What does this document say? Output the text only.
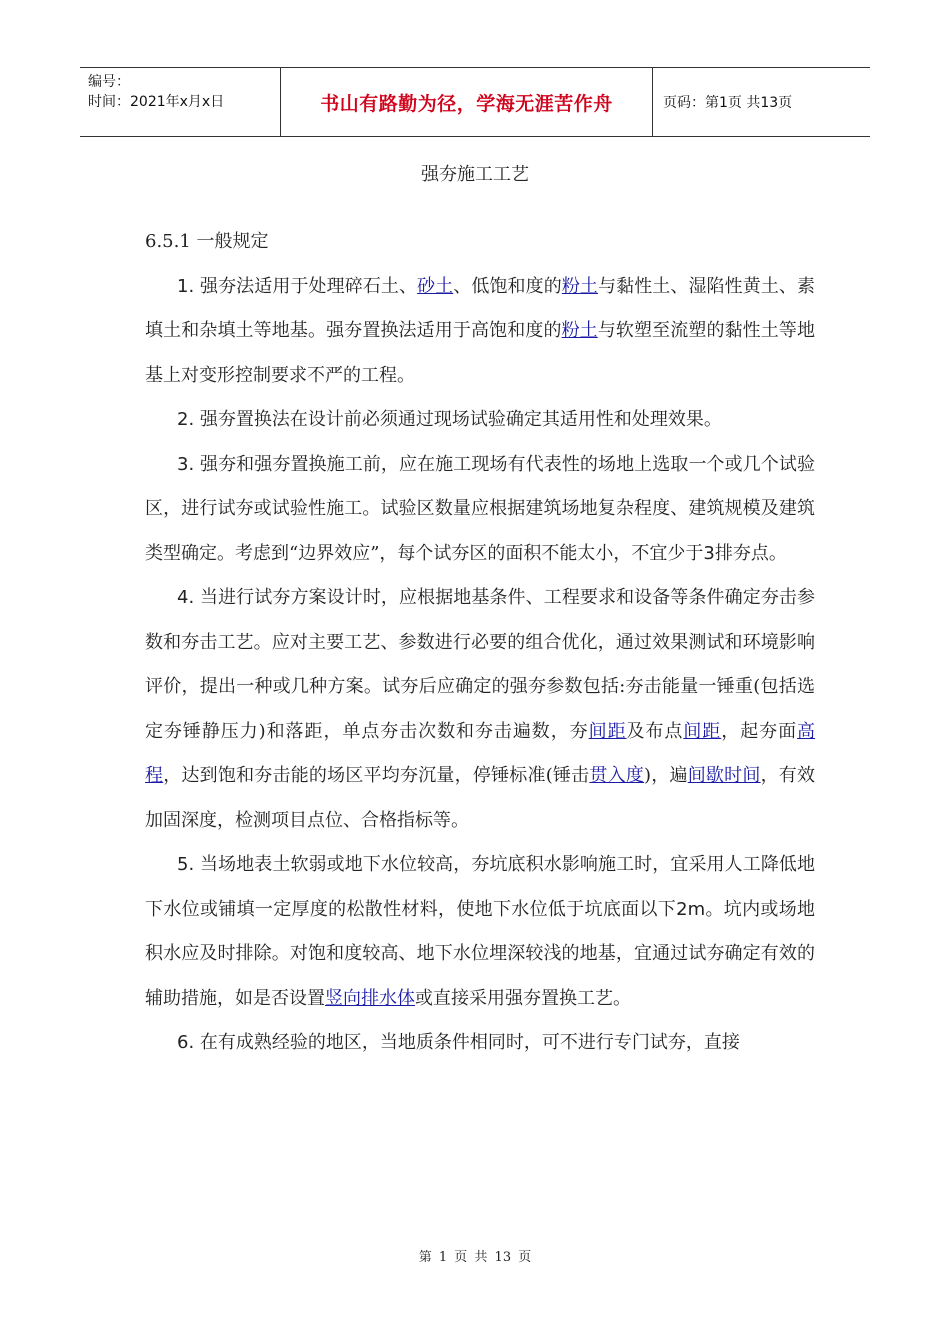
编号：
时间：2021年x月x日	书山有路勤为径，学海无涯苦作舟	页码：第1页 共13页
强夯施工工艺

6.5.1 一般规定

1. 强夯法适用于处理碎石土、砂土、低饱和度的粉土与黏性土、湿陷性黄土、素填土和杂填土等地基。强夯置换法适用于高饱和度的粉土与软塑至流塑的黏性土等地基上对变形控制要求不严的工程。

2. 强夯置换法在设计前必须通过现场试验确定其适用性和处理效果。

3. 强夯和强夯置换施工前，应在施工现场有代表性的场地上选取一个或几个试验区，进行试夯或试验性施工。试验区数量应根据建筑场地复杂程度、建筑规模及建筑类型确定。考虑到“边界效应”，每个试夯区的面积不能太小，不宜少于3排夯点。

4. 当进行试夯方案设计时，应根据地基条件、工程要求和设备等条件确定夯击参数和夯击工艺。应对主要工艺、参数进行必要的组合优化，通过效果测试和环境影响评价，提出一种或几种方案。试夯后应确定的强夯参数包括:夯击能量一锤重(包括选定夯锤静压力)和落距，单点夯击次数和夯击遍数，夯间距及布点间距，起夯面高程，达到饱和夯击能的场区平均夯沉量，停锤标准(锤击贯入度)，遍间歇时间，有效加固深度，检测项目点位、合格指标等。

5. 当场地表土软弱或地下水位较高，夯坑底积水影响施工时，宜采用人工降低地下水位或铺填一定厚度的松散性材料，使地下水位低于坑底面以下2m。坑内或场地积水应及时排除。对饱和度较高、地下水位埋深较浅的地基，宜通过试夯确定有效的辅助措施，如是否设置竖向排水体或直接采用强夯置换工艺。

6. 在有成熟经验的地区，当地质条件相同时，可不进行专门试夯，直接

第 1 页 共 13 页
